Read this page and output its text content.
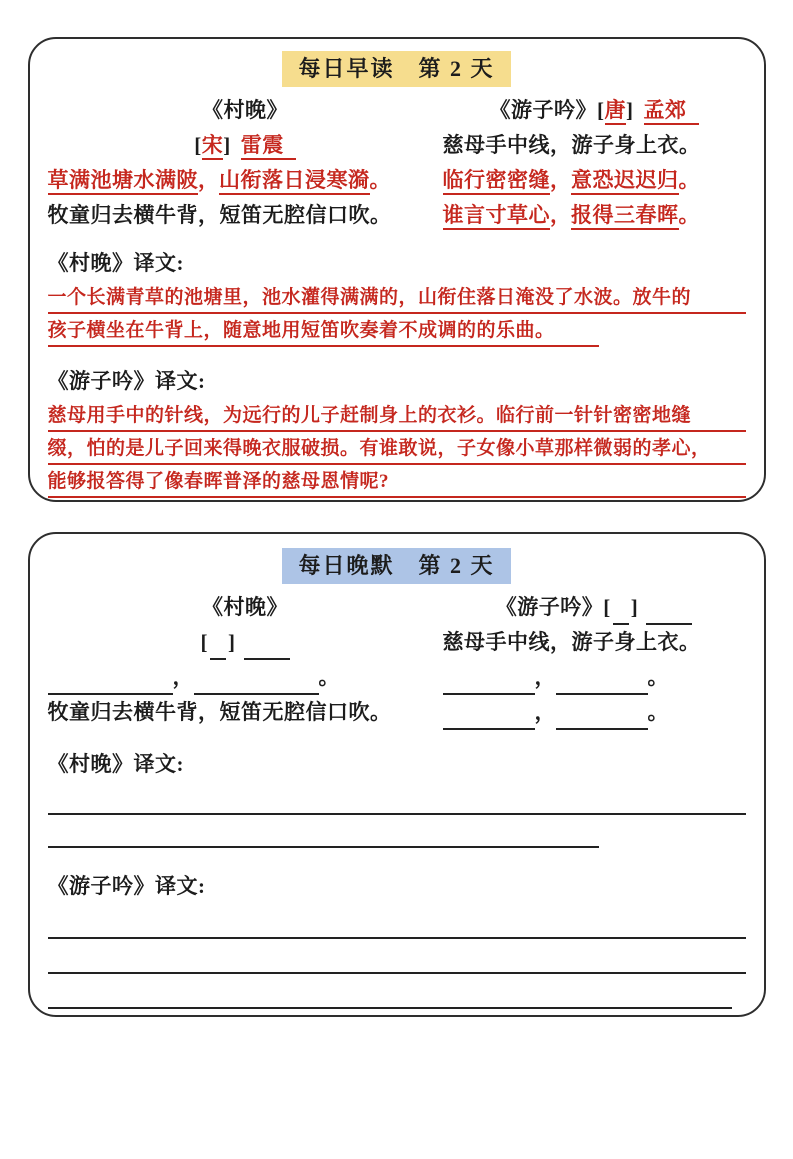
每日早读　第 2 天
《村晚》
[宋] 雷震
草满池塘水满陂，山衔落日浸寒漪。
牧童归去横牛背，短笛无腔信口吹。
《游子吟》[唐] 孟郊
慈母手中线，游子身上衣。
临行密密缝，意恐迟迟归。
谁言寸草心，报得三春晖。
《村晚》译文:
一个长满青草的池塘里，池水灌得满满的，山衔住落日淹没了水波。放牛的
孩子横坐在牛背上，随意地用短笛吹奏着不成调的的乐曲。
《游子吟》译文:
慈母用手中的针线，为远行的儿子赶制身上的衣衫。临行前一针针密密地缝
缀，怕的是儿子回来得晚衣服破损。有谁敢说，子女像小草那样微弱的孝心，
能够报答得了像春晖普泽的慈母恩情呢?
每日晚默　第 2 天
《村晚》
[ ]
，	。
牧童归去横牛背，短笛无腔信口吹。
《游子吟》[ ]
慈母手中线，游子身上衣。
，	。
，	。
《村晚》译文:
《游子吟》译文:
